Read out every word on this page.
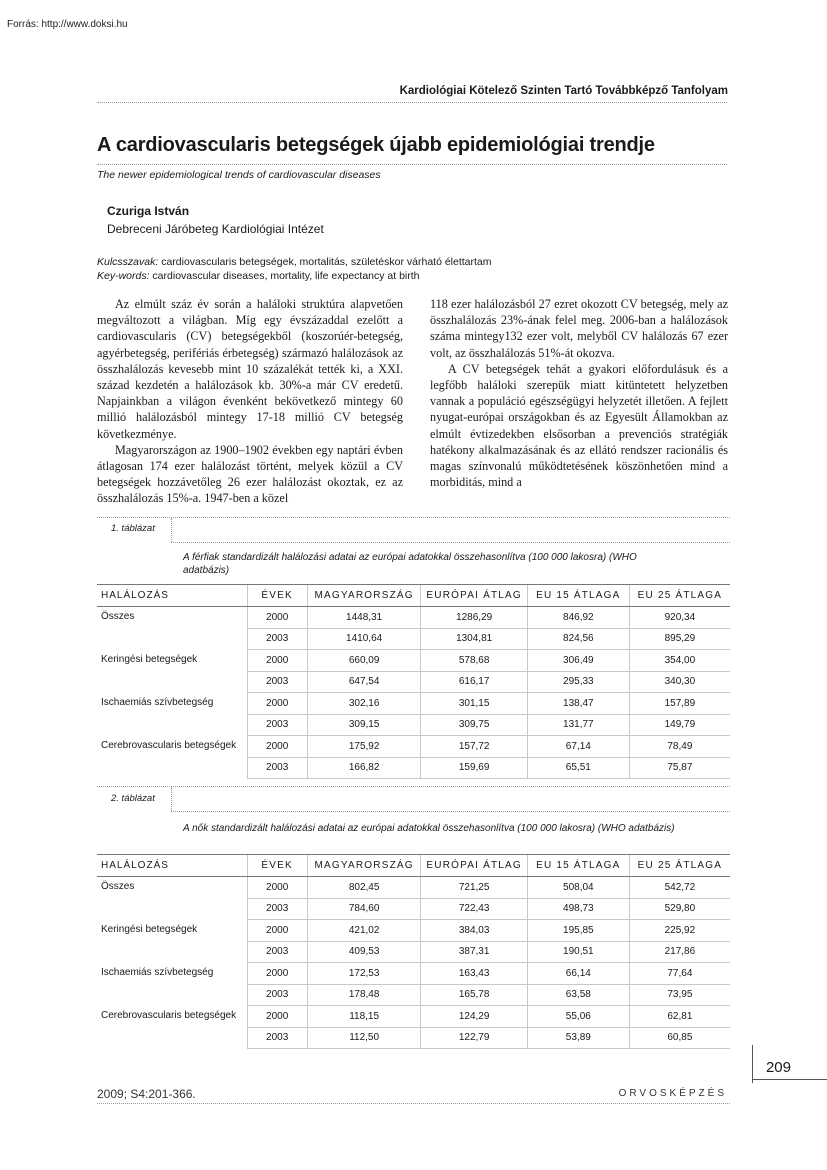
Forrás: http://www.doksi.hu
Kardiológiai Kötelező Szinten Tartó Továbbképző Tanfolyam
A cardiovascularis betegségek újabb epidemiológiai trendje
The newer epidemiological trends of cardiovascular diseases
Czuriga István
Debreceni Járóbeteg Kardiológiai Intézet
Kulcsszavak: cardiovascularis betegségek, mortalitás, születéskor várható élettartam
Key-words: cardiovascular diseases, mortality, life expectancy at birth

Az elmúlt száz év során a haláloki struktúra alapvetően megváltozott a világban. Míg egy évszázaddal ezelőtt a cardiovascularis (CV) betegségekből (koszorúér-betegség, agyérbetegség, perifériás érbetegség) származó halálozások az összhalálozás kevesebb mint 10 százalékát tették ki, a XXI. század kezdetén a halálozások kb. 30%-a már CV eredetű. Napjainkban a világon évenként bekövetkező mintegy 60 millió halálozásból mintegy 17-18 millió CV betegség következménye.

Magyarországon az 1900–1902 években egy naptári évben átlagosan 174 ezer halálozást történt, melyek közül a CV betegségek hozzávetőleg 26 ezer halálozást okoztak, ez az összhalálozás 15%-a. 1947-ben a közel

118 ezer halálozásból 27 ezret okozott CV betegség, mely az összhalálozás 23%-ának felel meg. 2006-ban a halálozások száma mintegy132 ezer volt, melyből CV halálozás 67 ezer volt, az összhalálozás 51%-át okozva.

A CV betegségek tehát a gyakori előfordulásuk és a legfőbb haláloki szerepük miatt kitüntetett helyzetben vannak a populáció egészségügyi helyzetét illetően. A fejlett nyugat-európai országokban és az Egyesült Államokban az elmúlt évtizedekben elsősorban a prevenciós stratégiák hatékony alkalmazásának és az ellátó rendszer racionális és magas színvonalú működtetésének köszönhetően mind a morbiditás, mind a

1. táblázat
A férfiak standardizált halálozási adatai az európai adatokkal összehasonlítva (100 000 lakosra) (WHO adatbázis)
HALÁLOZÁS	ÉVEK	MAGYARORSZÁG	EURÓPAI ÁTLAG	EU 15 ÁTLAGA	EU 25 ÁTLAGA
Összes	2000	1448,31	1286,29	846,92	920,34
	2003	1410,64	1304,81	824,56	895,29
Keringési betegségek	2000	660,09	578,68	306,49	354,00
	2003	647,54	616,17	295,33	340,30
Ischaemiás szívbetegség	2000	302,16	301,15	138,47	157,89
	2003	309,15	309,75	131,77	149,79
Cerebrovascularis betegségek	2000	175,92	157,72	67,14	78,49
	2003	166,82	159,69	65,51	75,87
2. táblázat
A nők standardizált halálozási adatai az európai adatokkal összehasonlítva (100 000 lakosra) (WHO adatbázis)
HALÁLOZÁS	ÉVEK	MAGYARORSZÁG	EURÓPAI ÁTLAG	EU 15 ÁTLAGA	EU 25 ÁTLAGA
Összes	2000	802,45	721,25	508,04	542,72
	2003	784,60	722,43	498,73	529,80
Keringési betegségek	2000	421,02	384,03	195,85	225,92
	2003	409,53	387,31	190,51	217,86
Ischaemiás szívbetegség	2000	172,53	163,43	66,14	77,64
	2003	178,48	165,78	63,58	73,95
Cerebrovascularis betegségek	2000	118,15	124,29	55,06	62,81
	2003	112,50	122,79	53,89	60,85
209
2009; S4:201-366.	ORVOSKÉPZÉS
